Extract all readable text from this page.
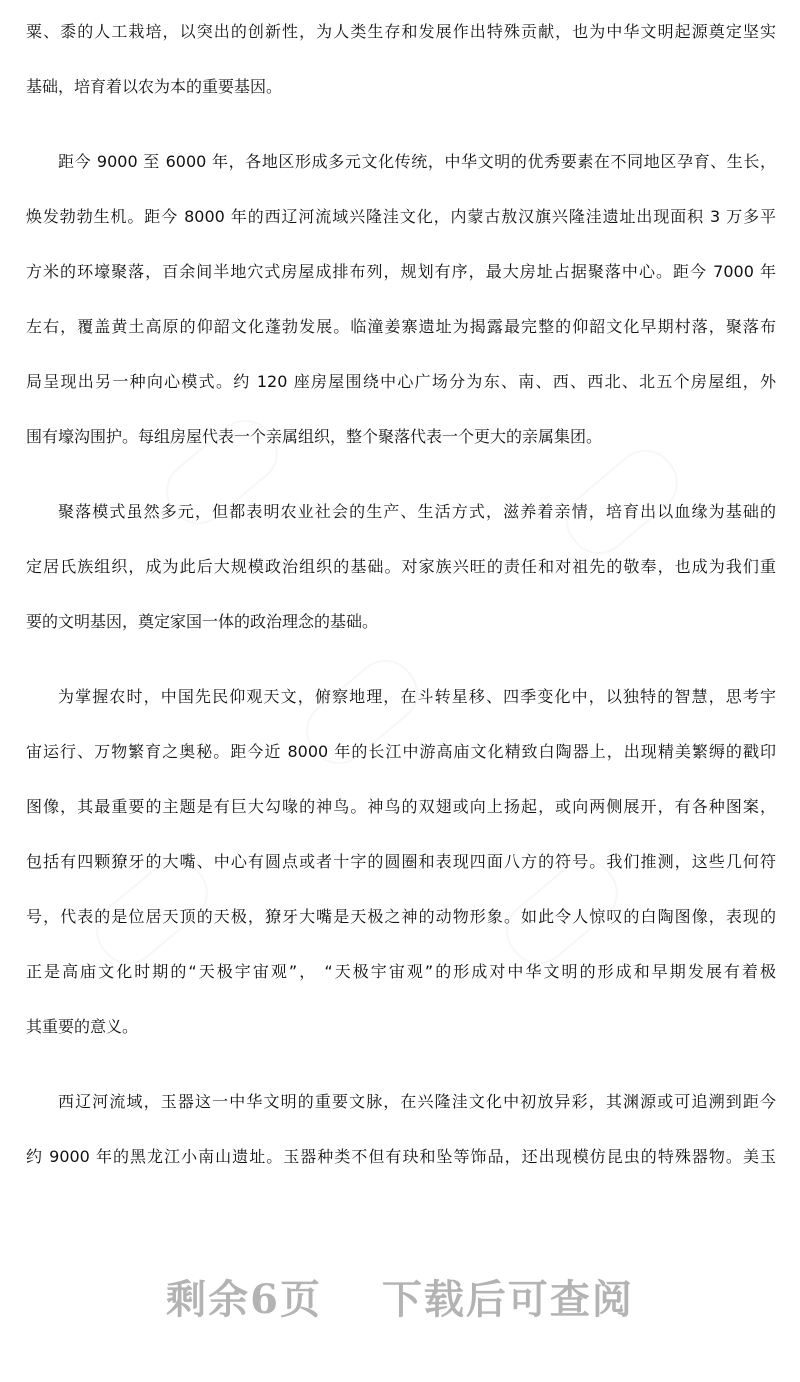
粟、黍的人工栽培，以突出的创新性，为人类生存和发展作出特殊贡献，也为中华文明起源奠定坚实
基础，培育着以农为本的重要基因。
距今 9000 至 6000 年，各地区形成多元文化传统，中华文明的优秀要素在不同地区孕育、生长，
焕发勃勃生机。距今 8000 年的西辽河流域兴隆洼文化，内蒙古敖汉旗兴隆洼遗址出现面积 3 万多平
方米的环壕聚落，百余间半地穴式房屋成排布列，规划有序，最大房址占据聚落中心。距今 7000 年
左右，覆盖黄土高原的仰韶文化蓬勃发展。临潼姜寨遗址为揭露最完整的仰韶文化早期村落，聚落布
局呈现出另一种向心模式。约 120 座房屋围绕中心广场分为东、南、西、西北、北五个房屋组，外
围有壕沟围护。每组房屋代表一个亲属组织，整个聚落代表一个更大的亲属集团。
聚落模式虽然多元，但都表明农业社会的生产、生活方式，滋养着亲情，培育出以血缘为基础的
定居氏族组织，成为此后大规模政治组织的基础。对家族兴旺的责任和对祖先的敬奉，也成为我们重
要的文明基因，奠定家国一体的政治理念的基础。
为掌握农时，中国先民仰观天文，俯察地理，在斗转星移、四季变化中，以独特的智慧，思考宇
宙运行、万物繁育之奥秘。距今近 8000 年的长江中游高庙文化精致白陶器上，出现精美繁缛的戳印
图像，其最重要的主题是有巨大勾喙的神鸟。神鸟的双翅或向上扬起，或向两侧展开，有各种图案，
包括有四颗獠牙的大嘴、中心有圆点或者十字的圆圈和表现四面八方的符号。我们推测，这些几何符
号，代表的是位居天顶的天极，獠牙大嘴是天极之神的动物形象。如此令人惊叹的白陶图像，表现的
正是高庙文化时期的“天极宇宙观”， “天极宇宙观”的形成对中华文明的形成和早期发展有着极
其重要的意义。
西辽河流域，玉器这一中华文明的重要文脉，在兴隆洼文化中初放异彩，其渊源或可追溯到距今
约 9000 年的黑龙江小南山遗址。玉器种类不但有玦和坠等饰品，还出现模仿昆虫的特殊器物。美玉
剩余6页 下载后可查阅
